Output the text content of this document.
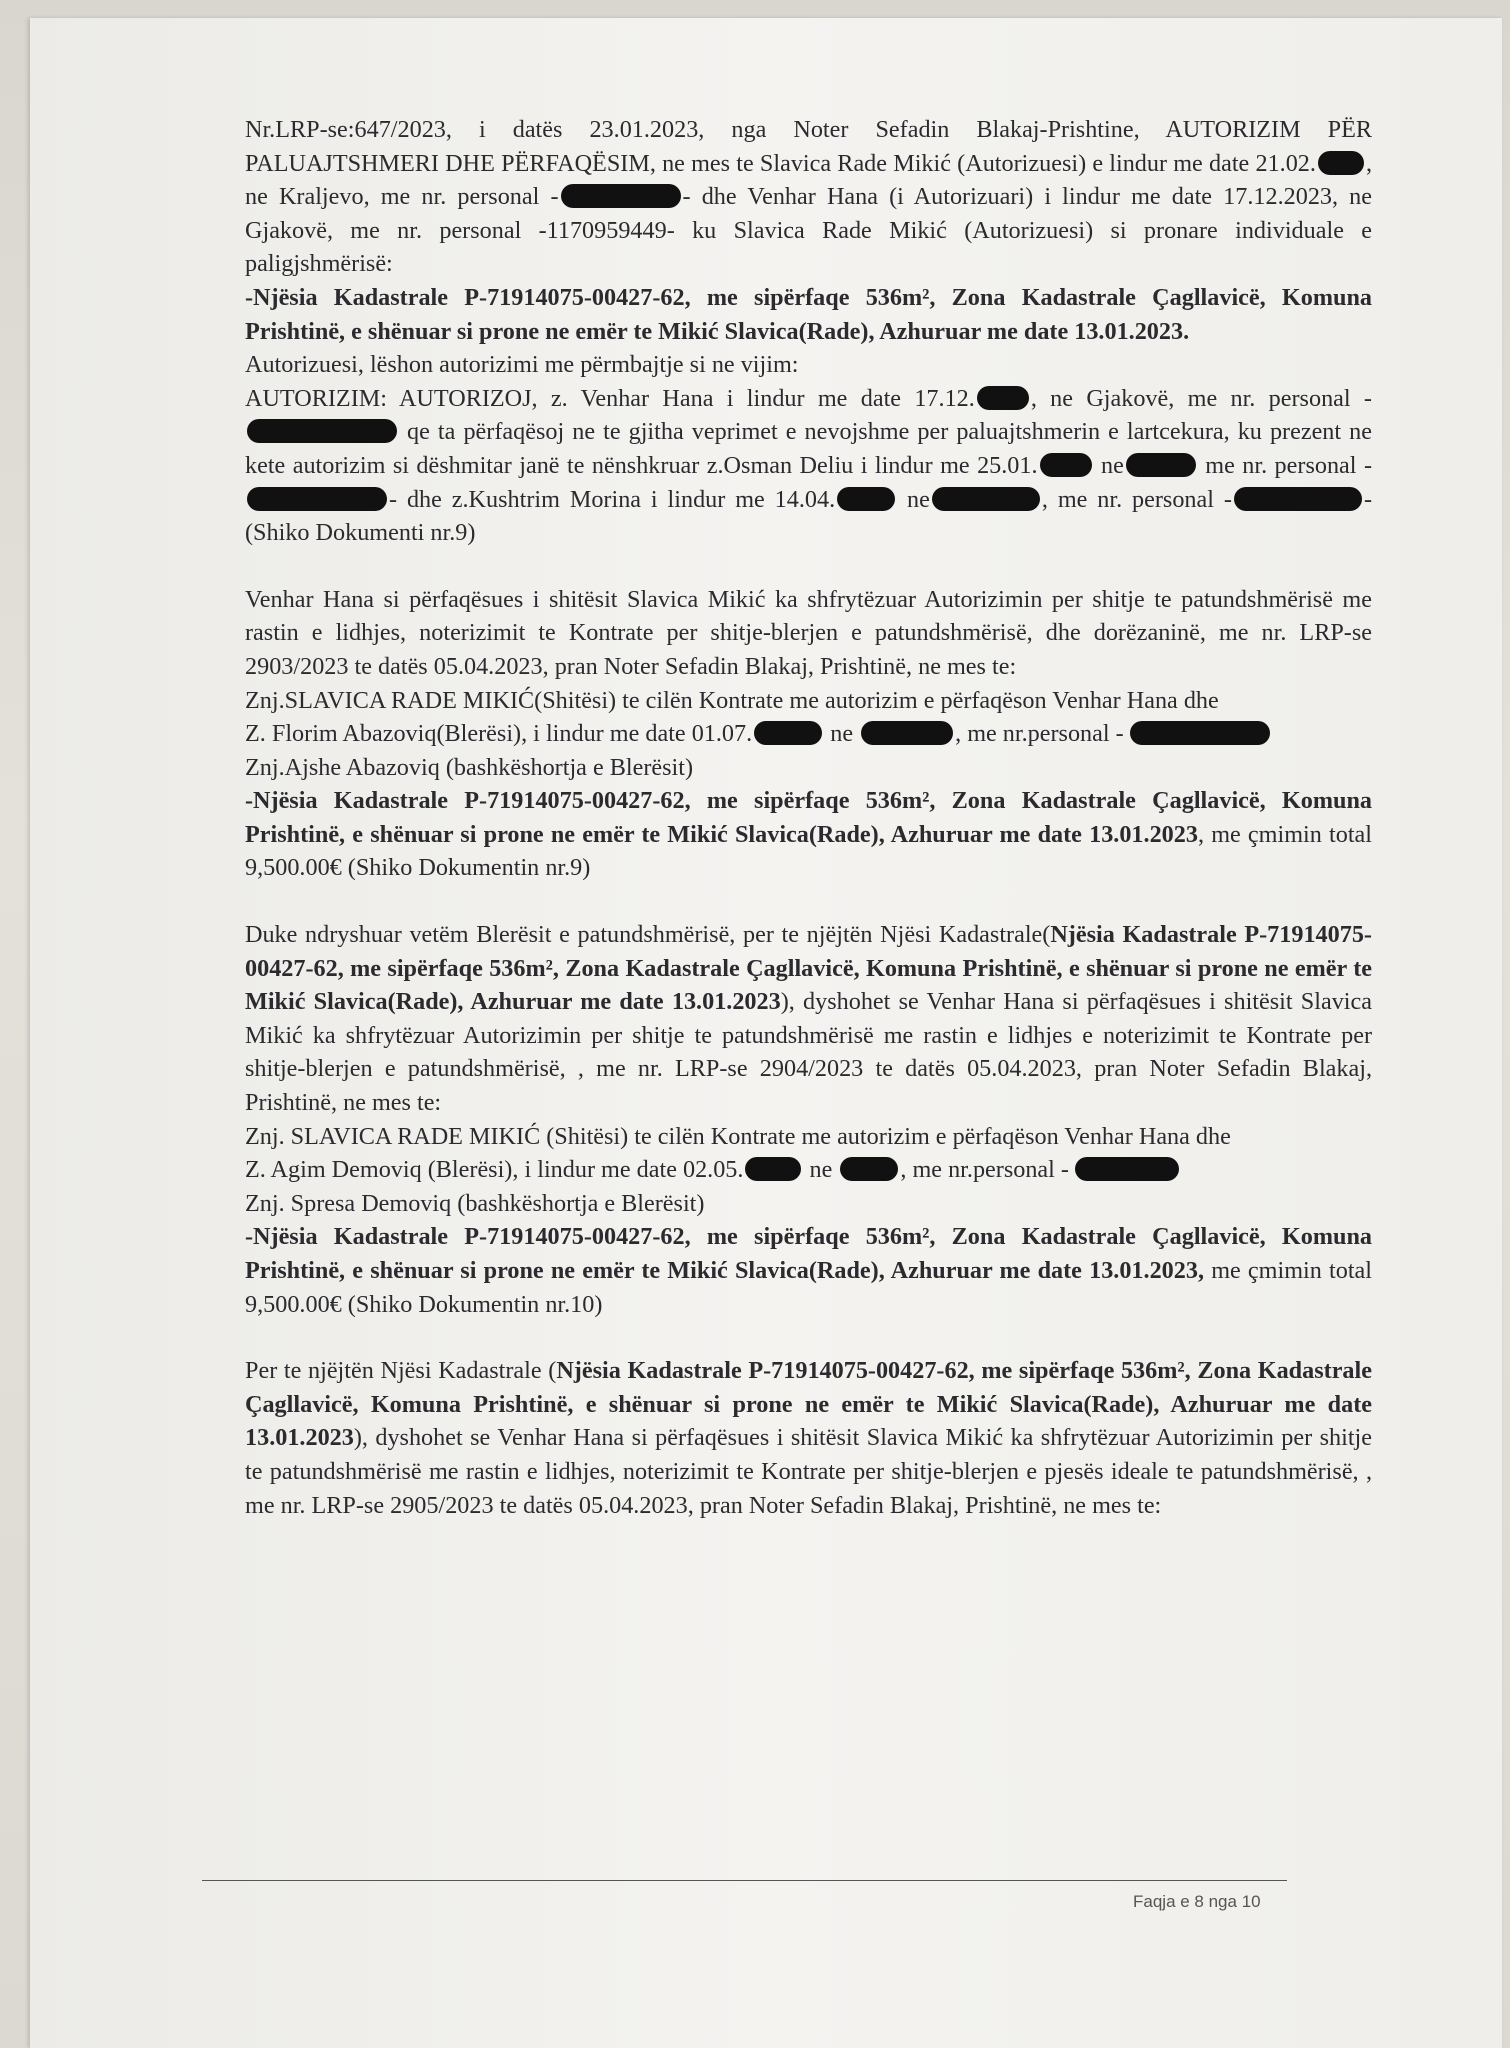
Nr.LRP-se:647/2023, i datës 23.01.2023, nga Noter Sefadin Blakaj-Prishtine, AUTORIZIM PËR PALUAJTSHMERI DHE PËRFAQËSIM, ne mes te Slavica Rade Mikić (Autorizuesi) e lindur me date 21.02. , ne Kraljevo, me nr. personal -	- dhe Venhar Hana (i Autorizuari) i lindur me date 17.12.2023, ne Gjakovë, me nr. personal -1170959449- ku Slavica Rade Mikić (Autorizuesi) si pronare individuale e paligjshmërisë:

-Njësia Kadastrale P-71914075-00427-62, me sipërfaqe 536m², Zona Kadastrale Çagllavicë, Komuna Prishtinë, e shënuar si prone ne emër te Mikić Slavica(Rade), Azhuruar me date 13.01.2023.

Autorizuesi, lëshon autorizimi me përmbajtje si ne vijim:

AUTORIZIM: AUTORIZOJ, z. Venhar Hana i lindur me date 17.12. , ne Gjakovë, me nr. personal - qe ta përfaqësoj ne te gjitha veprimet e nevojshme per paluajtshmerin e lartcekura, ku prezent ne kete autorizim si dëshmitar janë te nënshkruar z.Osman Deliu i lindur me 25.01. ne	me nr. personal -- dhe z.Kushtrim Morina i lindur me 14.04.	ne	, me nr. personal -	- (Shiko Dokumenti nr.9)

Venhar Hana si përfaqësues i shitësit Slavica Mikić ka shfrytëzuar Autorizimin per shitje te patundshmërisë me rastin e lidhjes, noterizimit te Kontrate per shitje-blerjen e patundshmërisë, dhe dorëzaninë, me nr. LRP-se 2903/2023 te datës 05.04.2023, pran Noter Sefadin Blakaj, Prishtinë, ne mes te:

Znj.SLAVICA RADE MIKIĆ(Shitësi) te cilën Kontrate me autorizim e përfaqëson Venhar Hana dhe

Z. Florim Abazoviq(Blerësi), i lindur me date 01.07.	ne	, me nr.personal -

Znj.Ajshe Abazoviq (bashkëshortja e Blerësit)

-Njësia Kadastrale P-71914075-00427-62, me sipërfaqe 536m², Zona Kadastrale Çagllavicë, Komuna Prishtinë, e shënuar si prone ne emër te Mikić Slavica(Rade), Azhuruar me date 13.01.2023, me çmimin total 9,500.00€ (Shiko Dokumentin nr.9)

Duke ndryshuar vetëm Blerësit e patundshmërisë, per te njëjtën Njësi Kadastrale(Njësia Kadastrale P-71914075-00427-62, me sipërfaqe 536m², Zona Kadastrale Çagllavicë, Komuna Prishtinë, e shënuar si prone ne emër te Mikić Slavica(Rade), Azhuruar me date 13.01.2023), dyshohet se Venhar Hana si përfaqësues i shitësit Slavica Mikić ka shfrytëzuar Autorizimin per shitje te patundshmërisë me rastin e lidhjes e noterizimit te Kontrate per shitje-blerjen e patundshmërisë, , me nr. LRP-se 2904/2023 te datës 05.04.2023, pran Noter Sefadin Blakaj, Prishtinë, ne mes te:

Znj. SLAVICA RADE MIKIĆ (Shitësi) te cilën Kontrate me autorizim e përfaqëson Venhar Hana dhe

Z. Agim Demoviq (Blerësi), i lindur me date 02.05. ne	, me nr.personal -

Znj. Spresa Demoviq (bashkëshortja e Blerësit)

-Njësia Kadastrale P-71914075-00427-62, me sipërfaqe 536m², Zona Kadastrale Çagllavicë, Komuna Prishtinë, e shënuar si prone ne emër te Mikić Slavica(Rade), Azhuruar me date 13.01.2023, me çmimin total 9,500.00€ (Shiko Dokumentin nr.10)

Per te njëjtën Njësi Kadastrale (Njësia Kadastrale P-71914075-00427-62, me sipërfaqe 536m², Zona Kadastrale Çagllavicë, Komuna Prishtinë, e shënuar si prone ne emër te Mikić Slavica(Rade), Azhuruar me date 13.01.2023), dyshohet se Venhar Hana si përfaqësues i shitësit Slavica Mikić ka shfrytëzuar Autorizimin per shitje te patundshmërisë me rastin e lidhjes, noterizimit te Kontrate per shitje-blerjen e pjesës ideale te patundshmërisë, , me nr. LRP-se 2905/2023 te datës 05.04.2023, pran Noter Sefadin Blakaj, Prishtinë, ne mes te:

Faqja e 8 nga 10
